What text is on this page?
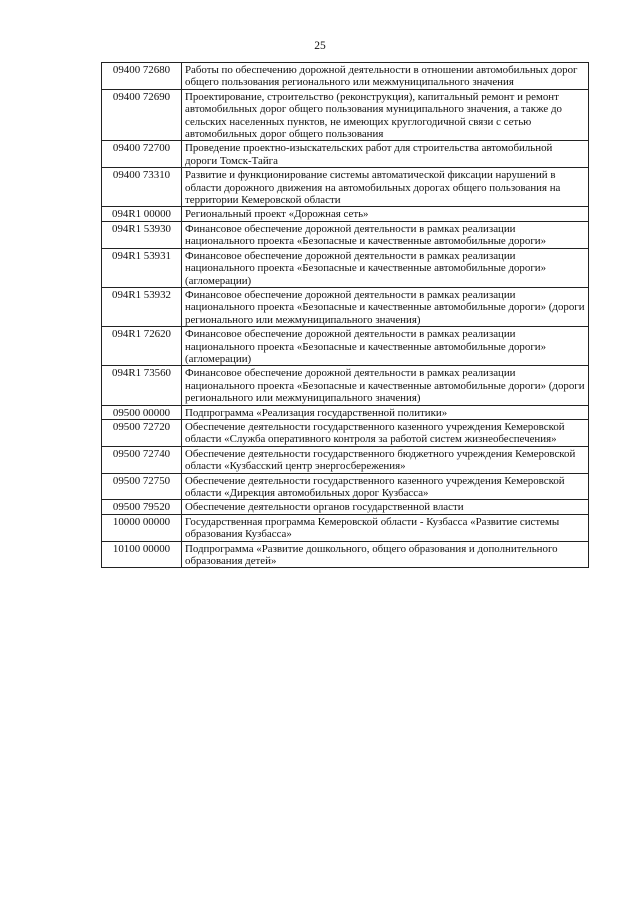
25
09400 72680	Работы по обеспечению дорожной деятельности в отношении автомобильных дорог общего пользования регионального или межмуниципального значения
09400 72690	Проектирование, строительство (реконструкция), капитальный ремонт и ремонт автомобильных дорог общего пользования муниципального значения, а также до сельских населенных пунктов, не имеющих круглогодичной связи с сетью автомобильных дорог общего пользования
09400 72700	Проведение проектно-изыскательских работ для строительства автомобильной дороги Томск-Тайга
09400 73310	Развитие и функционирование системы автоматической фиксации нарушений в области дорожного движения на автомобильных дорогах общего пользования на территории Кемеровской области
094R1 00000	Региональный проект «Дорожная сеть»
094R1 53930	Финансовое обеспечение дорожной деятельности в рамках реализации национального проекта «Безопасные и качественные автомобильные дороги»
094R1 53931	Финансовое обеспечение дорожной деятельности в рамках реализации национального проекта «Безопасные и качественные автомобильные дороги» (агломерации)
094R1 53932	Финансовое обеспечение дорожной деятельности в рамках реализации национального проекта «Безопасные и качественные автомобильные дороги» (дороги регионального или межмуниципального значения)
094R1 72620	Финансовое обеспечение дорожной деятельности в рамках реализации национального проекта «Безопасные и качественные автомобильные дороги» (агломерации)
094R1 73560	Финансовое обеспечение дорожной деятельности в рамках реализации национального проекта «Безопасные и качественные автомобильные дороги» (дороги регионального или межмуниципального значения)
09500 00000	Подпрограмма «Реализация государственной политики»
09500 72720	Обеспечение деятельности государственного казенного учреждения Кемеровской области «Служба оперативного контроля за работой систем жизнеобеспечения»
09500 72740	Обеспечение деятельности государственного бюджетного учреждения Кемеровской области «Кузбасский центр энергосбережения»
09500 72750	Обеспечение деятельности государственного казенного учреждения Кемеровской области «Дирекция автомобильных дорог Кузбасса»
09500 79520	Обеспечение деятельности органов государственной власти
10000 00000	Государственная программа Кемеровской области - Кузбасса «Развитие системы образования Кузбасса»
10100 00000	Подпрограмма «Развитие дошкольного, общего образования и дополнительного образования детей»
